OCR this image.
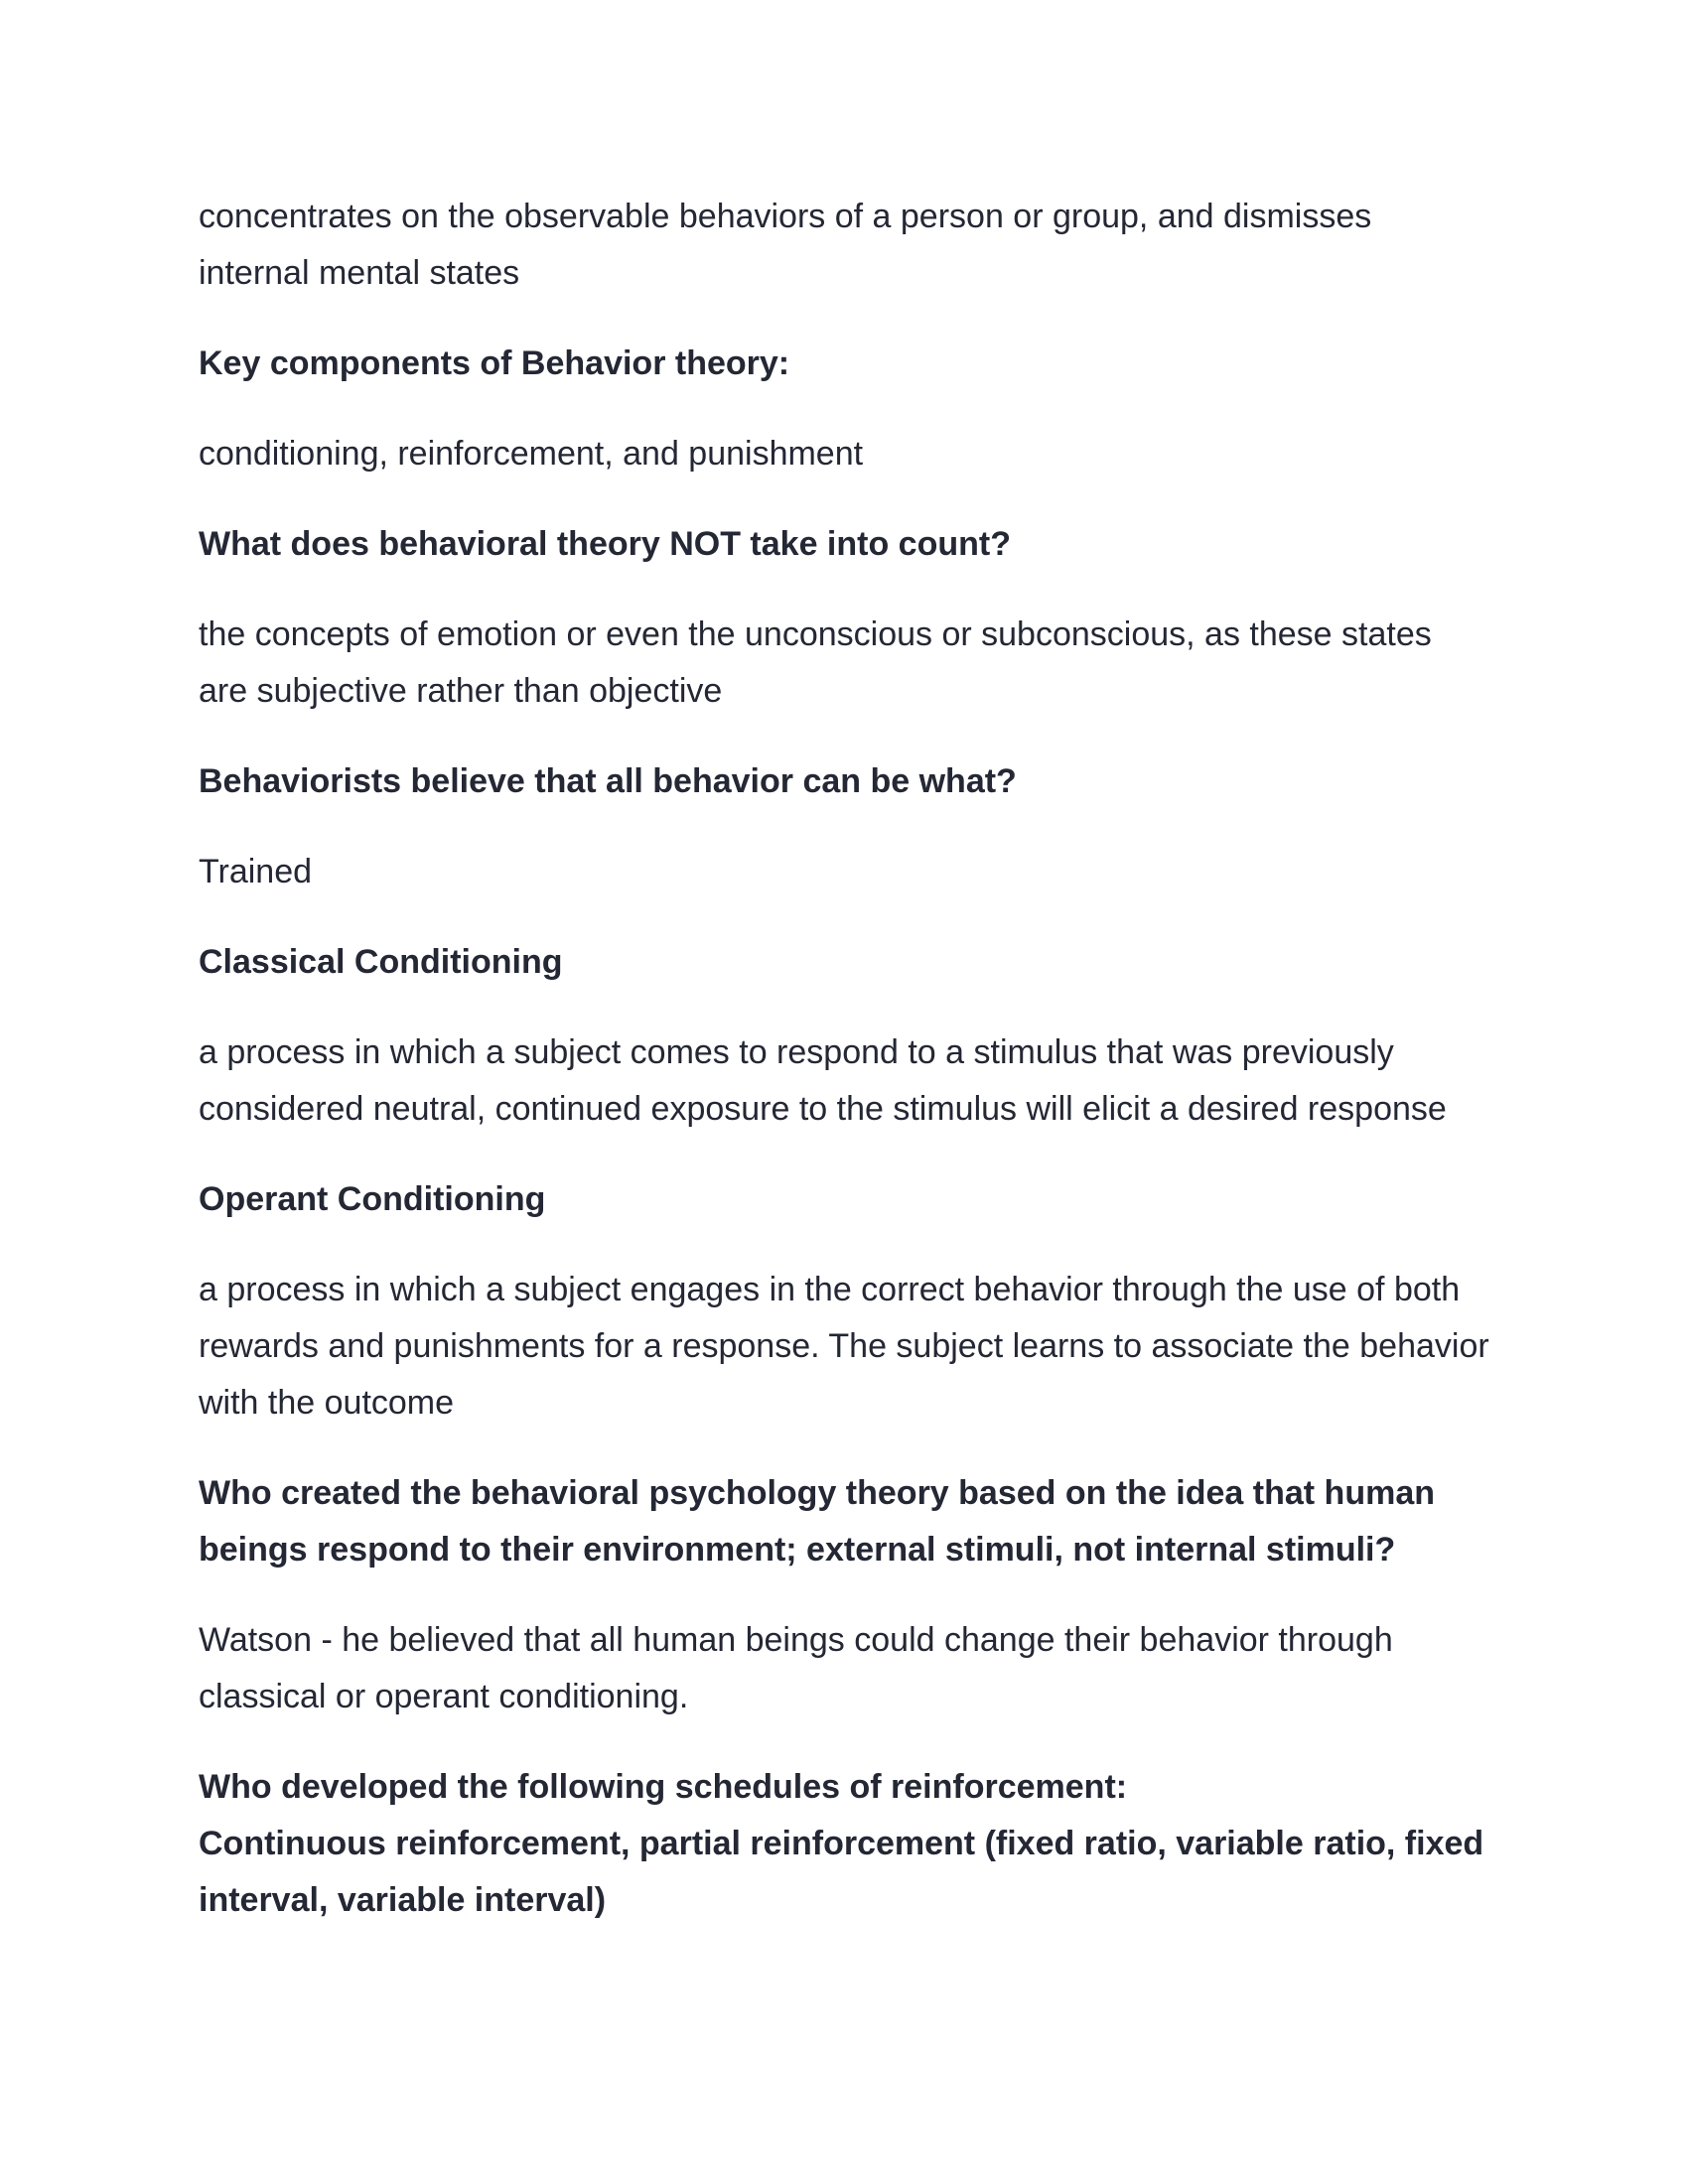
concentrates on the observable behaviors of a person or group, and dismisses internal mental states

Key components of Behavior theory:

conditioning, reinforcement, and punishment

What does behavioral theory NOT take into count?

the concepts of emotion or even the unconscious or subconscious, as these states are subjective rather than objective

Behaviorists believe that all behavior can be what?

Trained

Classical Conditioning

a process in which a subject comes to respond to a stimulus that was previously considered neutral, continued exposure to the stimulus will elicit a desired response

Operant Conditioning

a process in which a subject engages in the correct behavior through the use of both rewards and punishments for a response. The subject learns to associate the behavior with the outcome

Who created the behavioral psychology theory based on the idea that human beings respond to their environment; external stimuli, not internal stimuli?

Watson - he believed that all human beings could change their behavior through classical or operant conditioning.

Who developed the following schedules of reinforcement:
Continuous reinforcement, partial reinforcement (fixed ratio, variable ratio, fixed interval, variable interval)
